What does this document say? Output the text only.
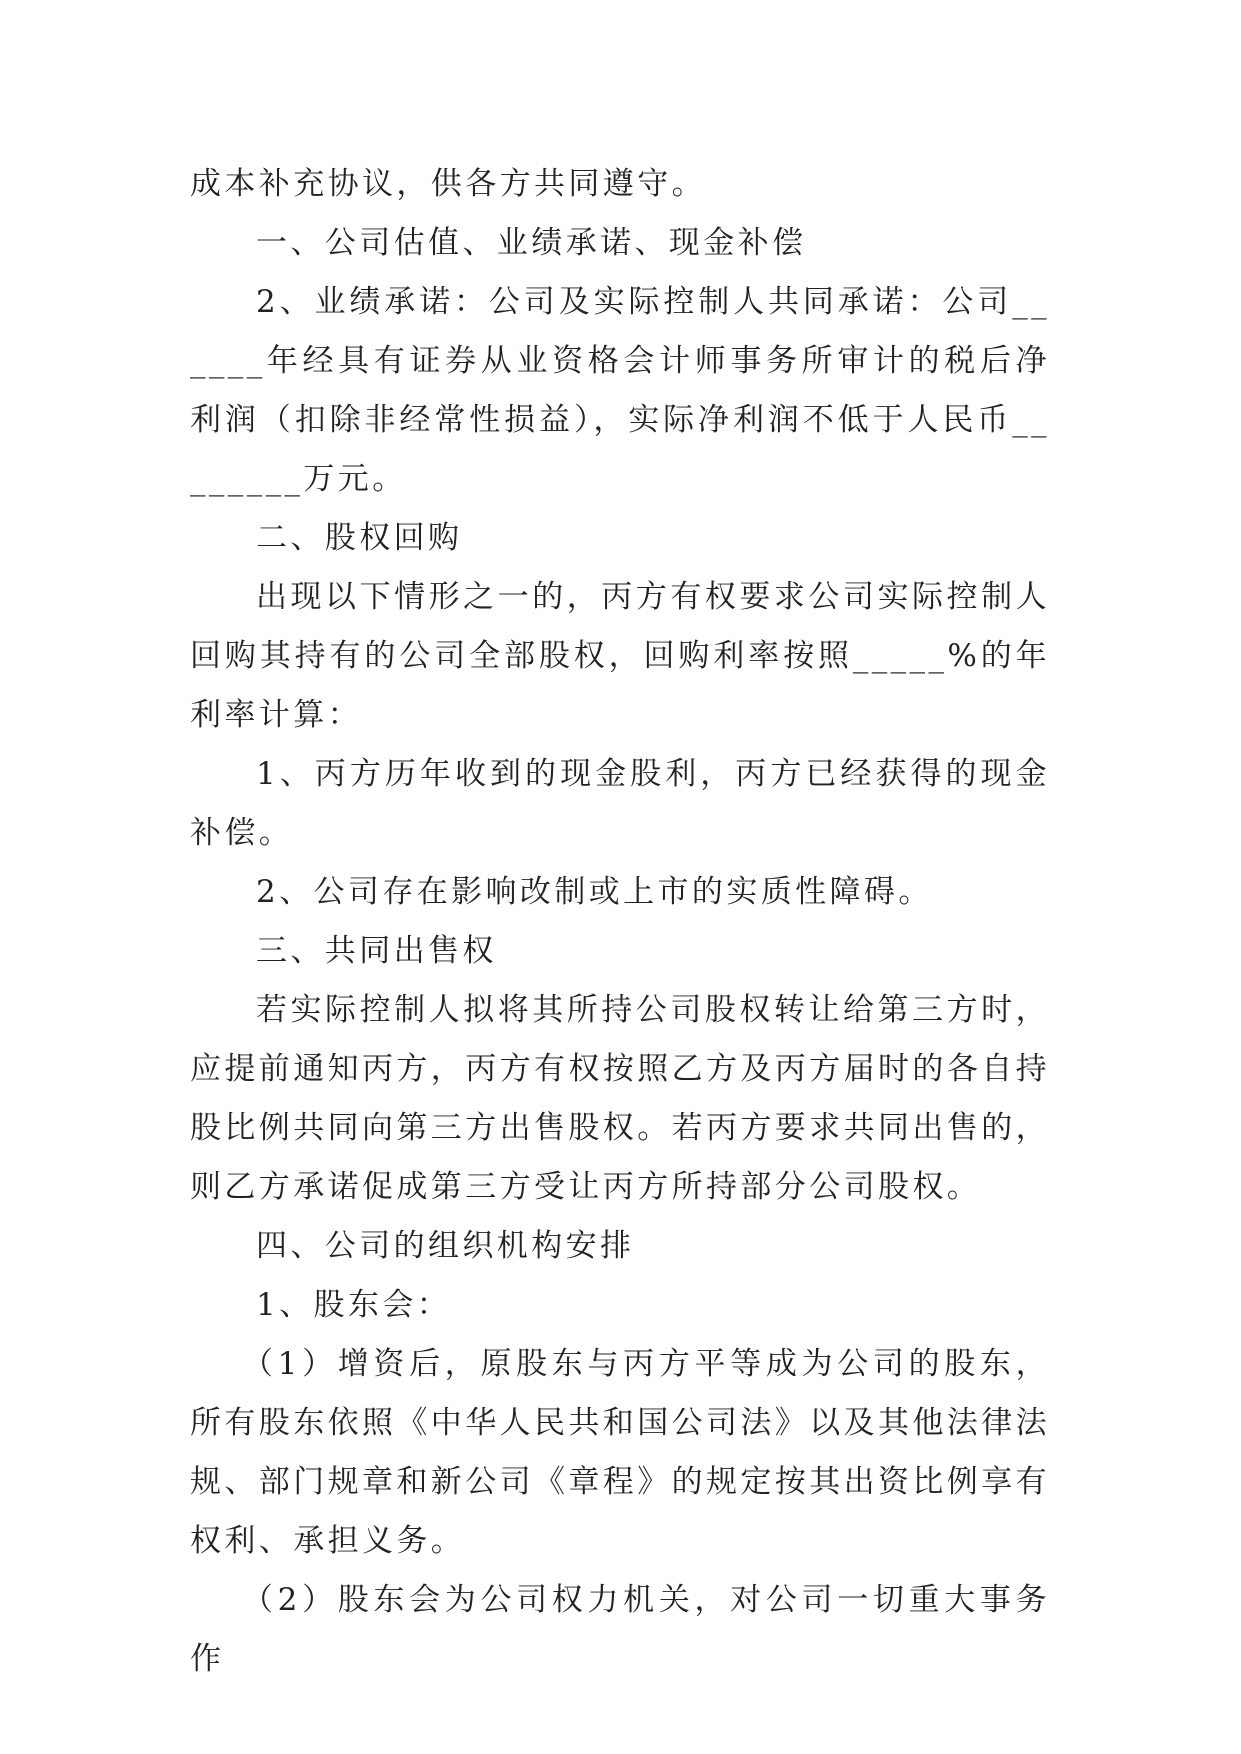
成本补充协议，供各方共同遵守。

一、公司估值、业绩承诺、现金补偿

2、业绩承诺：公司及实际控制人共同承诺：公司______年经具有证券从业资格会计师事务所审计的税后净利润（扣除非经常性损益），实际净利润不低于人民币________万元。

二、股权回购

出现以下情形之一的，丙方有权要求公司实际控制人回购其持有的公司全部股权，回购利率按照_____%的年利率计算：

1、丙方历年收到的现金股利，丙方已经获得的现金补偿。

2、公司存在影响改制或上市的实质性障碍。

三、共同出售权

若实际控制人拟将其所持公司股权转让给第三方时，应提前通知丙方，丙方有权按照乙方及丙方届时的各自持股比例共同向第三方出售股权。若丙方要求共同出售的，则乙方承诺促成第三方受让丙方所持部分公司股权。

四、公司的组织机构安排

1、股东会：

（1）增资后，原股东与丙方平等成为公司的股东，所有股东依照《中华人民共和国公司法》以及其他法律法规、部门规章和新公司《章程》的规定按其出资比例享有权利、承担义务。

（2）股东会为公司权力机关，对公司一切重大事务作
